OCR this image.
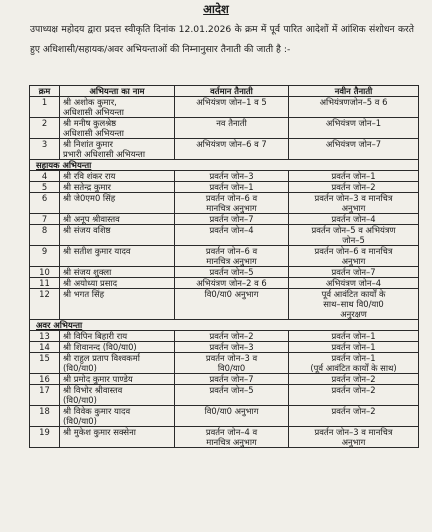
आदेश
उपाध्यक्ष महोदय द्वारा प्रदत्त स्वीकृति दिनांक 12.01.2026 के क्रम में पूर्व पारित आदेशों में आंशिक संशोधन करते हुए अधिशासी/सहायक/अवर अभियन्ताओं की निम्नानुसार तैनाती की जाती है :-
क्रम	अभियन्ता का नाम	वर्तमान तैनाती	नवीन तैनाती
1	श्री अशोक कुमार,
अधिशासी अभियन्ता	अभियंत्रण जोन–1 व 5	अभियंत्रणजोन–5 व 6
2	श्री मनीष कुलश्रेष्ठ
अधिशासी अभियन्ता	नव तैनाती	अभियंत्रण जोन–1
3	श्री निशांत कुमार
प्रभारी अधिशासी अभियन्ता	अभियंत्रण जोन–6 व 7	अभियंत्रण जोन–7
सहायक अभियन्ता			
4	श्री रवि शंकर राय	प्रवर्तन जोन–3	प्रवर्तन जोन–1
5	श्री सतेन्द्र कुमार	प्रवर्तन जोन–1	प्रवर्तन जोन–2
6	श्री जे0एम0 सिंह	प्रवर्तन जोन–6 व
मानचित्र अनुभाग	प्रवर्तन जोन–3 व मानचित्र
अनुभाग
7	श्री अनूप श्रीवास्तव	प्रवर्तन जोन–7	प्रवर्तन जोन–4
8	श्री संजय वशिष्ठ	प्रवर्तन जोन–4	प्रवर्तन जोन–5 व अभियंत्रण
जोन–5
9	श्री सतीश कुमार यादव	प्रवर्तन जोन–6 व
मानचित्र अनुभाग	प्रवर्तन जोन–6 व मानचित्र
अनुभाग
10	श्री संजय शुक्ला	प्रवर्तन जोन–5	प्रवर्तन जोन–7
11	श्री अयोध्या प्रसाद	अभियंत्रण जोन–2 व 6	अभियंत्रण जोन–4
12	श्री भगत सिंह	वि0/या0 अनुभाग	पूर्व आवंटित कार्यों के
साथ–साथ वि0/या0
अनुरक्षण
अवर अभियन्ता			
13	श्री विपिन बिहारी राय	प्रवर्तन जोन–2	प्रवर्तन जोन–1
14	श्री शिवानन्द (वि0/या0)	प्रवर्तन जोन–3	प्रवर्तन जोन–1
15	श्री राहुल प्रताप विश्वकर्मा
(वि0/या0)	प्रवर्तन जोन–3 व
वि0/या0	प्रवर्तन जोन–1
(पूर्व आवंटित कार्यों के साथ)
16	श्री प्रमोद कुमार पाण्डेय	प्रवर्तन जोन–7	प्रवर्तन जोन–2
17	श्री विभोर श्रीवास्तव
(वि0/या0)	प्रवर्तन जोन–5	प्रवर्तन जोन–2
18	श्री विवेक कुमार यादव
(वि0/या0)	वि0/या0 अनुभाग	प्रवर्तन जोन–2
19	श्री मुकेश कुमार सक्सेना	प्रवर्तन जोन–4 व
मानचित्र अनुभाग	प्रवर्तन जोन–3 व मानचित्र
अनुभाग
